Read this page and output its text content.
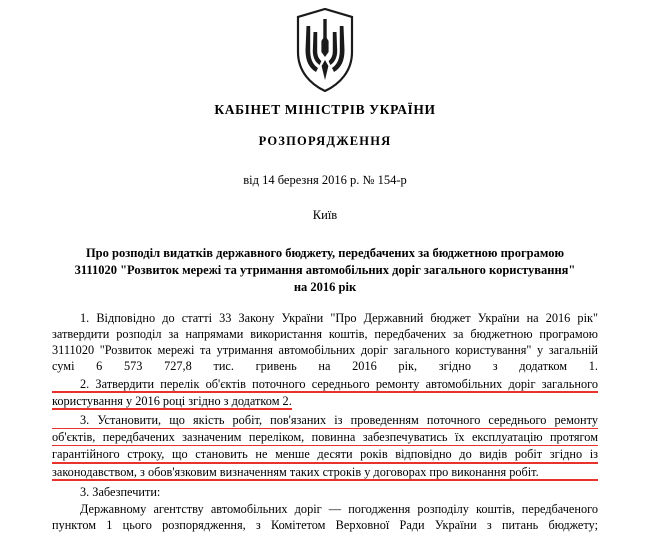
КАБІНЕТ МІНІСТРІВ УКРАЇНИ
РОЗПОРЯДЖЕННЯ
від 14 березня 2016 р. № 154-р
Київ
Про розподіл видатків державного бюджету, передбачених за бюджетною програмою 3111020 "Розвиток мережі та утримання автомобільних доріг загального користування" на 2016 рік

1. Відповідно до статті 33 Закону України "Про Державний бюджет України на 2016 рік" затвердити розподіл за напрямами використання коштів, передбачених за бюджетною програмою 3111020 "Розвиток мережі та утримання автомобільних доріг загального користування" у загальній сумі 6 573 727,8 тис. гривень на 2016 рік, згідно з додатком 1.

2. Затвердити перелік об'єктів поточного середнього ремонту автомобільних доріг загального
користування у 2016 році згідно з додатком 2.
3. Установити, що якість робіт, пов'язаних із проведенням поточного середнього ремонту
об'єктів, передбачених зазначеним переліком, повинна забезпечуватись їх експлуатацію протягом
гарантійного строку, що становить не менше десяти років відповідно до видів робіт згідно із
законодавством, з обов'язковим визначенням таких строків у договорах про виконання робіт.

3. Забезпечити:

Державному агентству автомобільних доріг — погодження розподілу коштів, передбаченого пунктом 1 цього розпорядження, з Комітетом Верховної Ради України з питань бюджету;
